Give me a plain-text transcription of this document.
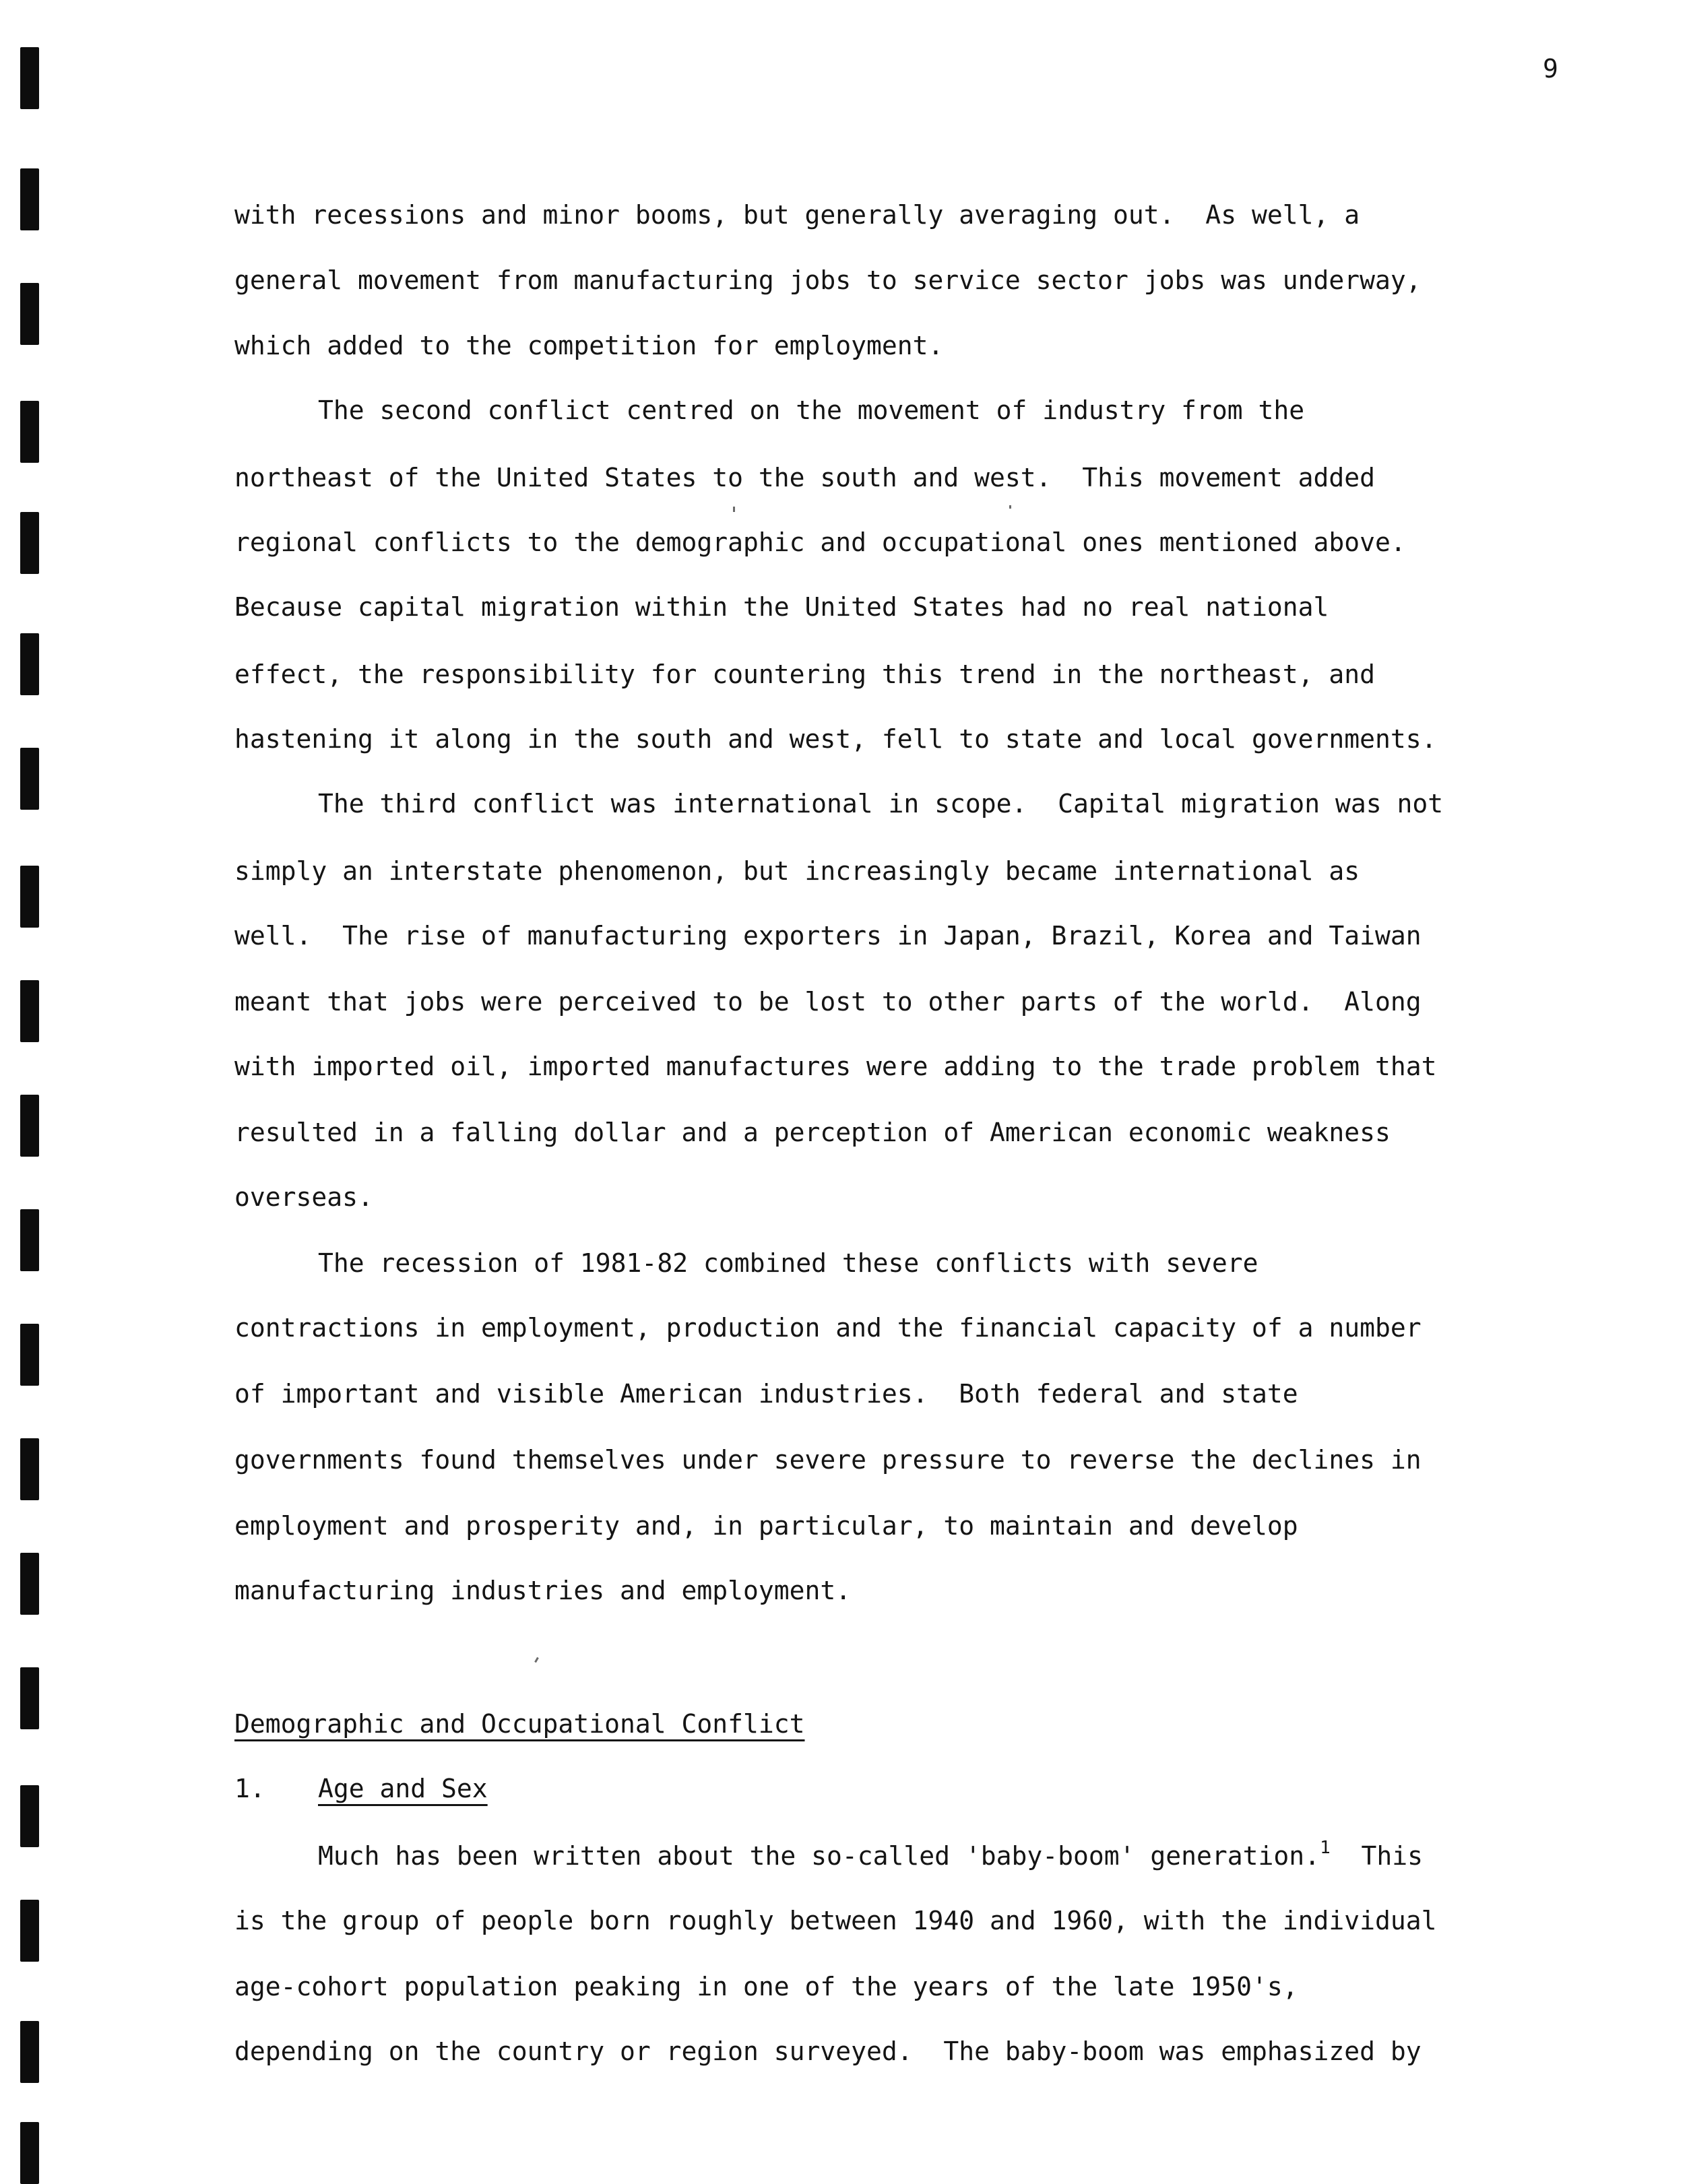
9
with recessions and minor booms, but generally averaging out.  As well, a
general movement from manufacturing jobs to service sector jobs was underway,
which added to the competition for employment.
The second conflict centred on the movement of industry from the
northeast of the United States to the south and west.  This movement added
regional conflicts to the demographic and occupational ones mentioned above.
Because capital migration within the United States had no real national
effect, the responsibility for countering this trend in the northeast, and
hastening it along in the south and west, fell to state and local governments.
The third conflict was international in scope.  Capital migration was not
simply an interstate phenomenon, but increasingly became international as
well.  The rise of manufacturing exporters in Japan, Brazil, Korea and Taiwan
meant that jobs were perceived to be lost to other parts of the world.  Along
with imported oil, imported manufactures were adding to the trade problem that
resulted in a falling dollar and a perception of American economic weakness
overseas.
The recession of 1981-82 combined these conflicts with severe
contractions in employment, production and the financial capacity of a number
of important and visible American industries.  Both federal and state
governments found themselves under severe pressure to reverse the declines in
employment and prosperity and, in particular, to maintain and develop
manufacturing industries and employment.
Demographic and Occupational Conflict
1. Age and Sex
Much has been written about the so-called 'baby-boom' generation.$^1$  This
is the group of people born roughly between 1940 and 1960, with the individual
age-cohort population peaking in one of the years of the late 1950's,
depending on the country or region surveyed.  The baby-boom was emphasized by
